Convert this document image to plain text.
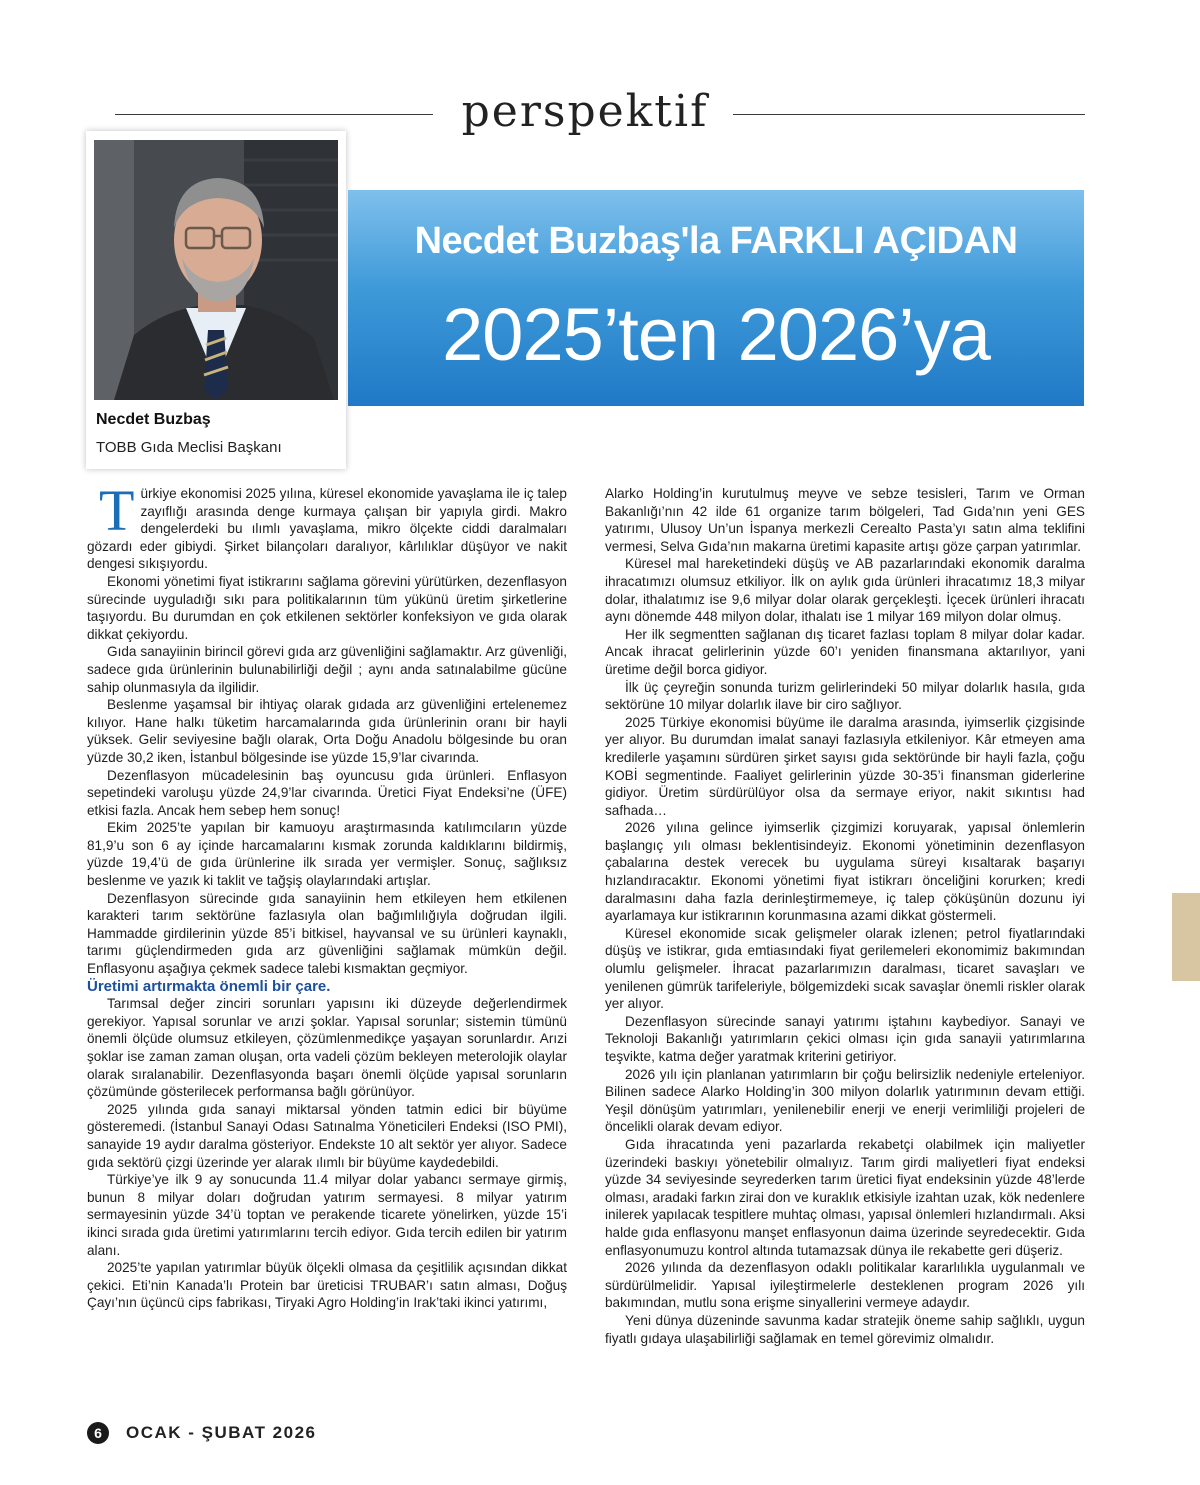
perspektif
Necdet Buzbaş
TOBB Gıda Meclisi Başkanı
Necdet Buzbaş'la FARKLI AÇIDAN
2025’ten 2026’ya

Türkiye ekonomisi 2025 yılına, küresel ekonomide yavaşlama ile iç talep zayıflığı arasında denge kurmaya çalışan bir yapıyla girdi. Makro dengelerdeki bu ılımlı yavaşlama, mikro ölçekte ciddi daralmaları gözardı eder gibiydi. Şirket bilançoları daralıyor, kârlılıklar düşüyor ve nakit dengesi sıkışıyordu.

Ekonomi yönetimi fiyat istikrarını sağlama görevini yürütürken, dezenflasyon sürecinde uyguladığı sıkı para politikalarının tüm yükünü üretim şirketlerine taşıyordu. Bu durumdan en çok etkilenen sektörler konfeksiyon ve gıda olarak dikkat çekiyordu.

Gıda sanayiinin birincil görevi gıda arz güvenliğini sağlamaktır. Arz güvenliği, sadece gıda ürünlerinin bulunabilirliği değil ; aynı anda satınalabilme gücüne sahip olunmasıyla da ilgilidir.

Beslenme yaşamsal bir ihtiyaç olarak gıdada arz güvenliğini ertelenemez kılıyor. Hane halkı tüketim harcamalarında gıda ürünlerinin oranı bir hayli yüksek. Gelir seviyesine bağlı olarak, Orta Doğu Anadolu bölgesinde bu oran yüzde 30,2 iken, İstanbul bölgesinde ise yüzde 15,9’lar civarında.

Dezenflasyon mücadelesinin baş oyuncusu gıda ürünleri. Enflasyon sepetindeki varoluşu yüzde 24,9’lar civarında. Üretici Fiyat Endeksi’ne (ÜFE) etkisi fazla. Ancak hem sebep hem sonuç!

Ekim 2025’te yapılan bir kamuoyu araştırmasında katılımcıların yüzde 81,9’u son 6 ay içinde harcamalarını kısmak zorunda kaldıklarını bildirmiş, yüzde 19,4’ü de gıda ürünlerine ilk sırada yer vermişler. Sonuç, sağlıksız beslenme ve yazık ki taklit ve tağşiş olaylarındaki artışlar.

Dezenflasyon sürecinde gıda sanayiinin hem etkileyen hem etkilenen karakteri tarım sektörüne fazlasıyla olan bağımlılığıyla doğrudan ilgili. Hammadde girdilerinin yüzde 85’i bitkisel, hayvansal ve su ürünleri kaynaklı, tarımı güçlendirmeden gıda arz güvenliğini sağlamak mümkün değil. Enflasyonu aşağıya çekmek sadece talebi kısmaktan geçmiyor.

Üretimi artırmakta önemli bir çare.

Tarımsal değer zinciri sorunları yapısını iki düzeyde değerlendirmek gerekiyor. Yapısal sorunlar ve arızi şoklar. Yapısal sorunlar; sistemin tümünü önemli ölçüde olumsuz etkileyen, çözümlenmedikçe yaşayan sorunlardır. Arızi şoklar ise zaman zaman oluşan, orta vadeli çözüm bekleyen meterolojik olaylar olarak sıralanabilir. Dezenflasyonda başarı önemli ölçüde yapısal sorunların çözümünde gösterilecek performansa bağlı görünüyor.

2025 yılında gıda sanayi miktarsal yönden tatmin edici bir büyüme gösteremedi. (İstanbul Sanayi Odası Satınalma Yöneticileri Endeksi (ISO PMI), sanayide 19 aydır daralma gösteriyor. Endekste 10 alt sektör yer alıyor. Sadece gıda sektörü çizgi üzerinde yer alarak ılımlı bir büyüme kaydedebildi.

Türkiye’ye ilk 9 ay sonucunda 11.4 milyar dolar yabancı sermaye girmiş, bunun 8 milyar doları doğrudan yatırım sermayesi. 8 milyar yatırım sermayesinin yüzde 34’ü toptan ve perakende ticarete yönelirken, yüzde 15’i ikinci sırada gıda üretimi yatırımlarını tercih ediyor. Gıda tercih edilen bir yatırım alanı.

2025’te yapılan yatırımlar büyük ölçekli olmasa da çeşitlilik açısından dikkat çekici. Eti’nin Kanada’lı Protein bar üreticisi TRUBAR’ı satın alması, Doğuş Çayı’nın üçüncü cips fabrikası, Tiryaki Agro Holding’in Irak’taki ikinci yatırımı,

Alarko Holding’in kurutulmuş meyve ve sebze tesisleri, Tarım ve Orman Bakanlığı’nın 42 ilde 61 organize tarım bölgeleri, Tad Gıda’nın yeni GES yatırımı, Ulusoy Un’un İspanya merkezli Cerealto Pasta’yı satın alma teklifini vermesi, Selva Gıda’nın makarna üretimi kapasite artışı göze çarpan yatırımlar.

Küresel mal hareketindeki düşüş ve AB pazarlarındaki ekonomik daralma ihracatımızı olumsuz etkiliyor. İlk on aylık gıda ürünleri ihracatımız 18,3 milyar dolar, ithalatımız ise 9,6 milyar dolar olarak gerçekleşti. İçecek ürünleri ihracatı aynı dönemde 448 milyon dolar, ithalatı ise 1 milyar 169 milyon dolar olmuş.

Her ilk segmentten sağlanan dış ticaret fazlası toplam 8 milyar dolar kadar. Ancak ihracat gelirlerinin yüzde 60’ı yeniden finansmana aktarılıyor, yani üretime değil borca gidiyor.

İlk üç çeyreğin sonunda turizm gelirlerindeki 50 milyar dolarlık hasıla, gıda sektörüne 10 milyar dolarlık ilave bir ciro sağlıyor.

2025 Türkiye ekonomisi büyüme ile daralma arasında, iyimserlik çizgisinde yer alıyor. Bu durumdan imalat sanayi fazlasıyla etkileniyor. Kâr etmeyen ama kredilerle yaşamını sürdüren şirket sayısı gıda sektöründe bir hayli fazla, çoğu KOBİ segmentinde. Faaliyet gelirlerinin yüzde 30-35’i finansman giderlerine gidiyor. Üretim sürdürülüyor olsa da sermaye eriyor, nakit sıkıntısı had safhada…

2026 yılına gelince iyimserlik çizgimizi koruyarak, yapısal önlemlerin başlangıç yılı olması beklentisindeyiz. Ekonomi yönetiminin dezenflasyon çabalarına destek verecek bu uygulama süreyi kısaltarak başarıyı hızlandıracaktır. Ekonomi yönetimi fiyat istikrarı önceliğini korurken; kredi daralmasını daha fazla derinleştirmemeye, iç talep çöküşünün dozunu iyi ayarlamaya kur istikrarının korunmasına azami dikkat göstermeli.

Küresel ekonomide sıcak gelişmeler olarak izlenen; petrol fiyatlarındaki düşüş ve istikrar, gıda emtiasındaki fiyat gerilemeleri ekonomimiz bakımından olumlu gelişmeler. İhracat pazarlarımızın daralması, ticaret savaşları ve yenilenen gümrük tarifeleriyle, bölgemizdeki sıcak savaşlar önemli riskler olarak yer alıyor.

Dezenflasyon sürecinde sanayi yatırımı iştahını kaybediyor. Sanayi ve Teknoloji Bakanlığı yatırımların çekici olması için gıda sanayii yatırımlarına teşvikte, katma değer yaratmak kriterini getiriyor.

2026 yılı için planlanan yatırımların bir çoğu belirsizlik nedeniyle erteleniyor. Bilinen sadece Alarko Holding’in 300 milyon dolarlık yatırımının devam ettiği. Yeşil dönüşüm yatırımları, yenilenebilir enerji ve enerji verimliliği projeleri de öncelikli olarak devam ediyor.

Gıda ihracatında yeni pazarlarda rekabetçi olabilmek için maliyetler üzerindeki baskıyı yönetebilir olmalıyız. Tarım girdi maliyetleri fiyat endeksi yüzde 34 seviyesinde seyrederken tarım üretici fiyat endeksinin yüzde 48’lerde olması, aradaki farkın zirai don ve kuraklık etkisiyle izahtan uzak, kök nedenlere inilerek yapılacak tespitlere muhtaç olması, yapısal önlemleri hızlandırmalı. Aksi halde gıda enflasyonu manşet enflasyonun daima üzerinde seyredecektir. Gıda enflasyonumuzu kontrol altında tutamazsak dünya ile rekabette geri düşeriz.

2026 yılında da dezenflasyon odaklı politikalar kararlılıkla uygulanmalı ve sürdürülmelidir. Yapısal iyileştirmelerle desteklenen program 2026 yılı bakımından, mutlu sona erişme sinyallerini vermeye adaydır.

Yeni dünya düzeninde savunma kadar stratejik öneme sahip sağlıklı, uygun fiyatlı gıdaya ulaşabilirliği sağlamak en temel görevimiz olmalıdır.

6	OCAK - ŞUBAT 2026
